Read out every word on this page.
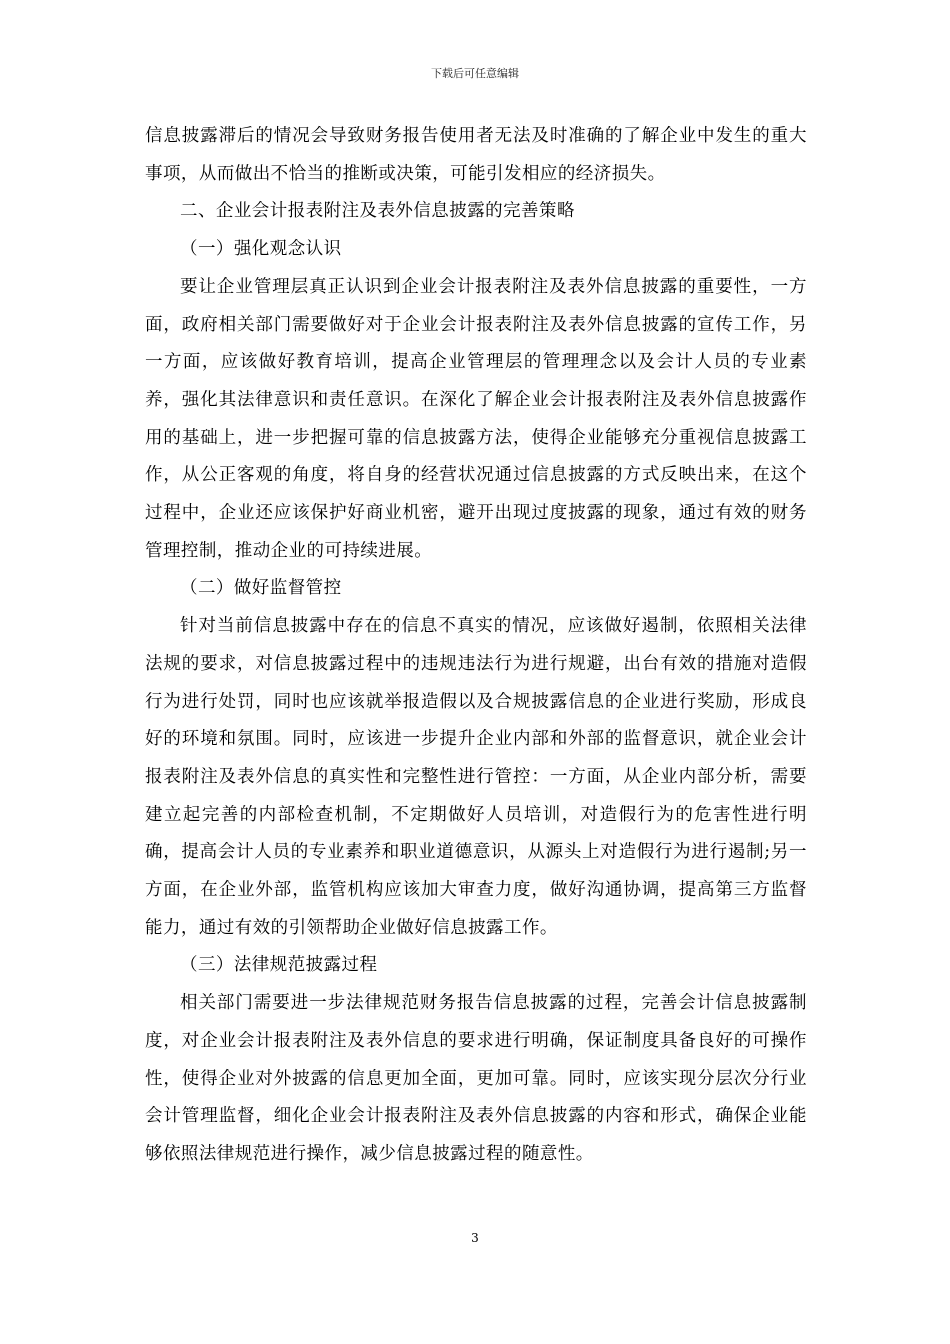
下载后可任意编辑

信息披露滞后的情况会导致财务报告使用者无法及时准确的了解企业中发生的重大事项，从而做出不恰当的推断或决策，可能引发相应的经济损失。

二、企业会计报表附注及表外信息披露的完善策略

（一）强化观念认识

要让企业管理层真正认识到企业会计报表附注及表外信息披露的重要性，一方面，政府相关部门需要做好对于企业会计报表附注及表外信息披露的宣传工作，另一方面，应该做好教育培训，提高企业管理层的管理理念以及会计人员的专业素养，强化其法律意识和责任意识。在深化了解企业会计报表附注及表外信息披露作用的基础上，进一步把握可靠的信息披露方法，使得企业能够充分重视信息披露工作，从公正客观的角度，将自身的经营状况通过信息披露的方式反映出来，在这个过程中，企业还应该保护好商业机密，避开出现过度披露的现象，通过有效的财务管理控制，推动企业的可持续进展。

（二）做好监督管控

针对当前信息披露中存在的信息不真实的情况，应该做好遏制，依照相关法律法规的要求，对信息披露过程中的违规违法行为进行规避，出台有效的措施对造假行为进行处罚，同时也应该就举报造假以及合规披露信息的企业进行奖励，形成良好的环境和氛围。同时，应该进一步提升企业内部和外部的监督意识，就企业会计报表附注及表外信息的真实性和完整性进行管控：一方面，从企业内部分析，需要建立起完善的内部检查机制，不定期做好人员培训，对造假行为的危害性进行明确，提高会计人员的专业素养和职业道德意识，从源头上对造假行为进行遏制;另一方面，在企业外部，监管机构应该加大审查力度，做好沟通协调，提高第三方监督能力，通过有效的引领帮助企业做好信息披露工作。

（三）法律规范披露过程

相关部门需要进一步法律规范财务报告信息披露的过程，完善会计信息披露制度，对企业会计报表附注及表外信息的要求进行明确，保证制度具备良好的可操作性，使得企业对外披露的信息更加全面，更加可靠。同时，应该实现分层次分行业会计管理监督，细化企业会计报表附注及表外信息披露的内容和形式，确保企业能够依照法律规范进行操作，减少信息披露过程的随意性。

3
